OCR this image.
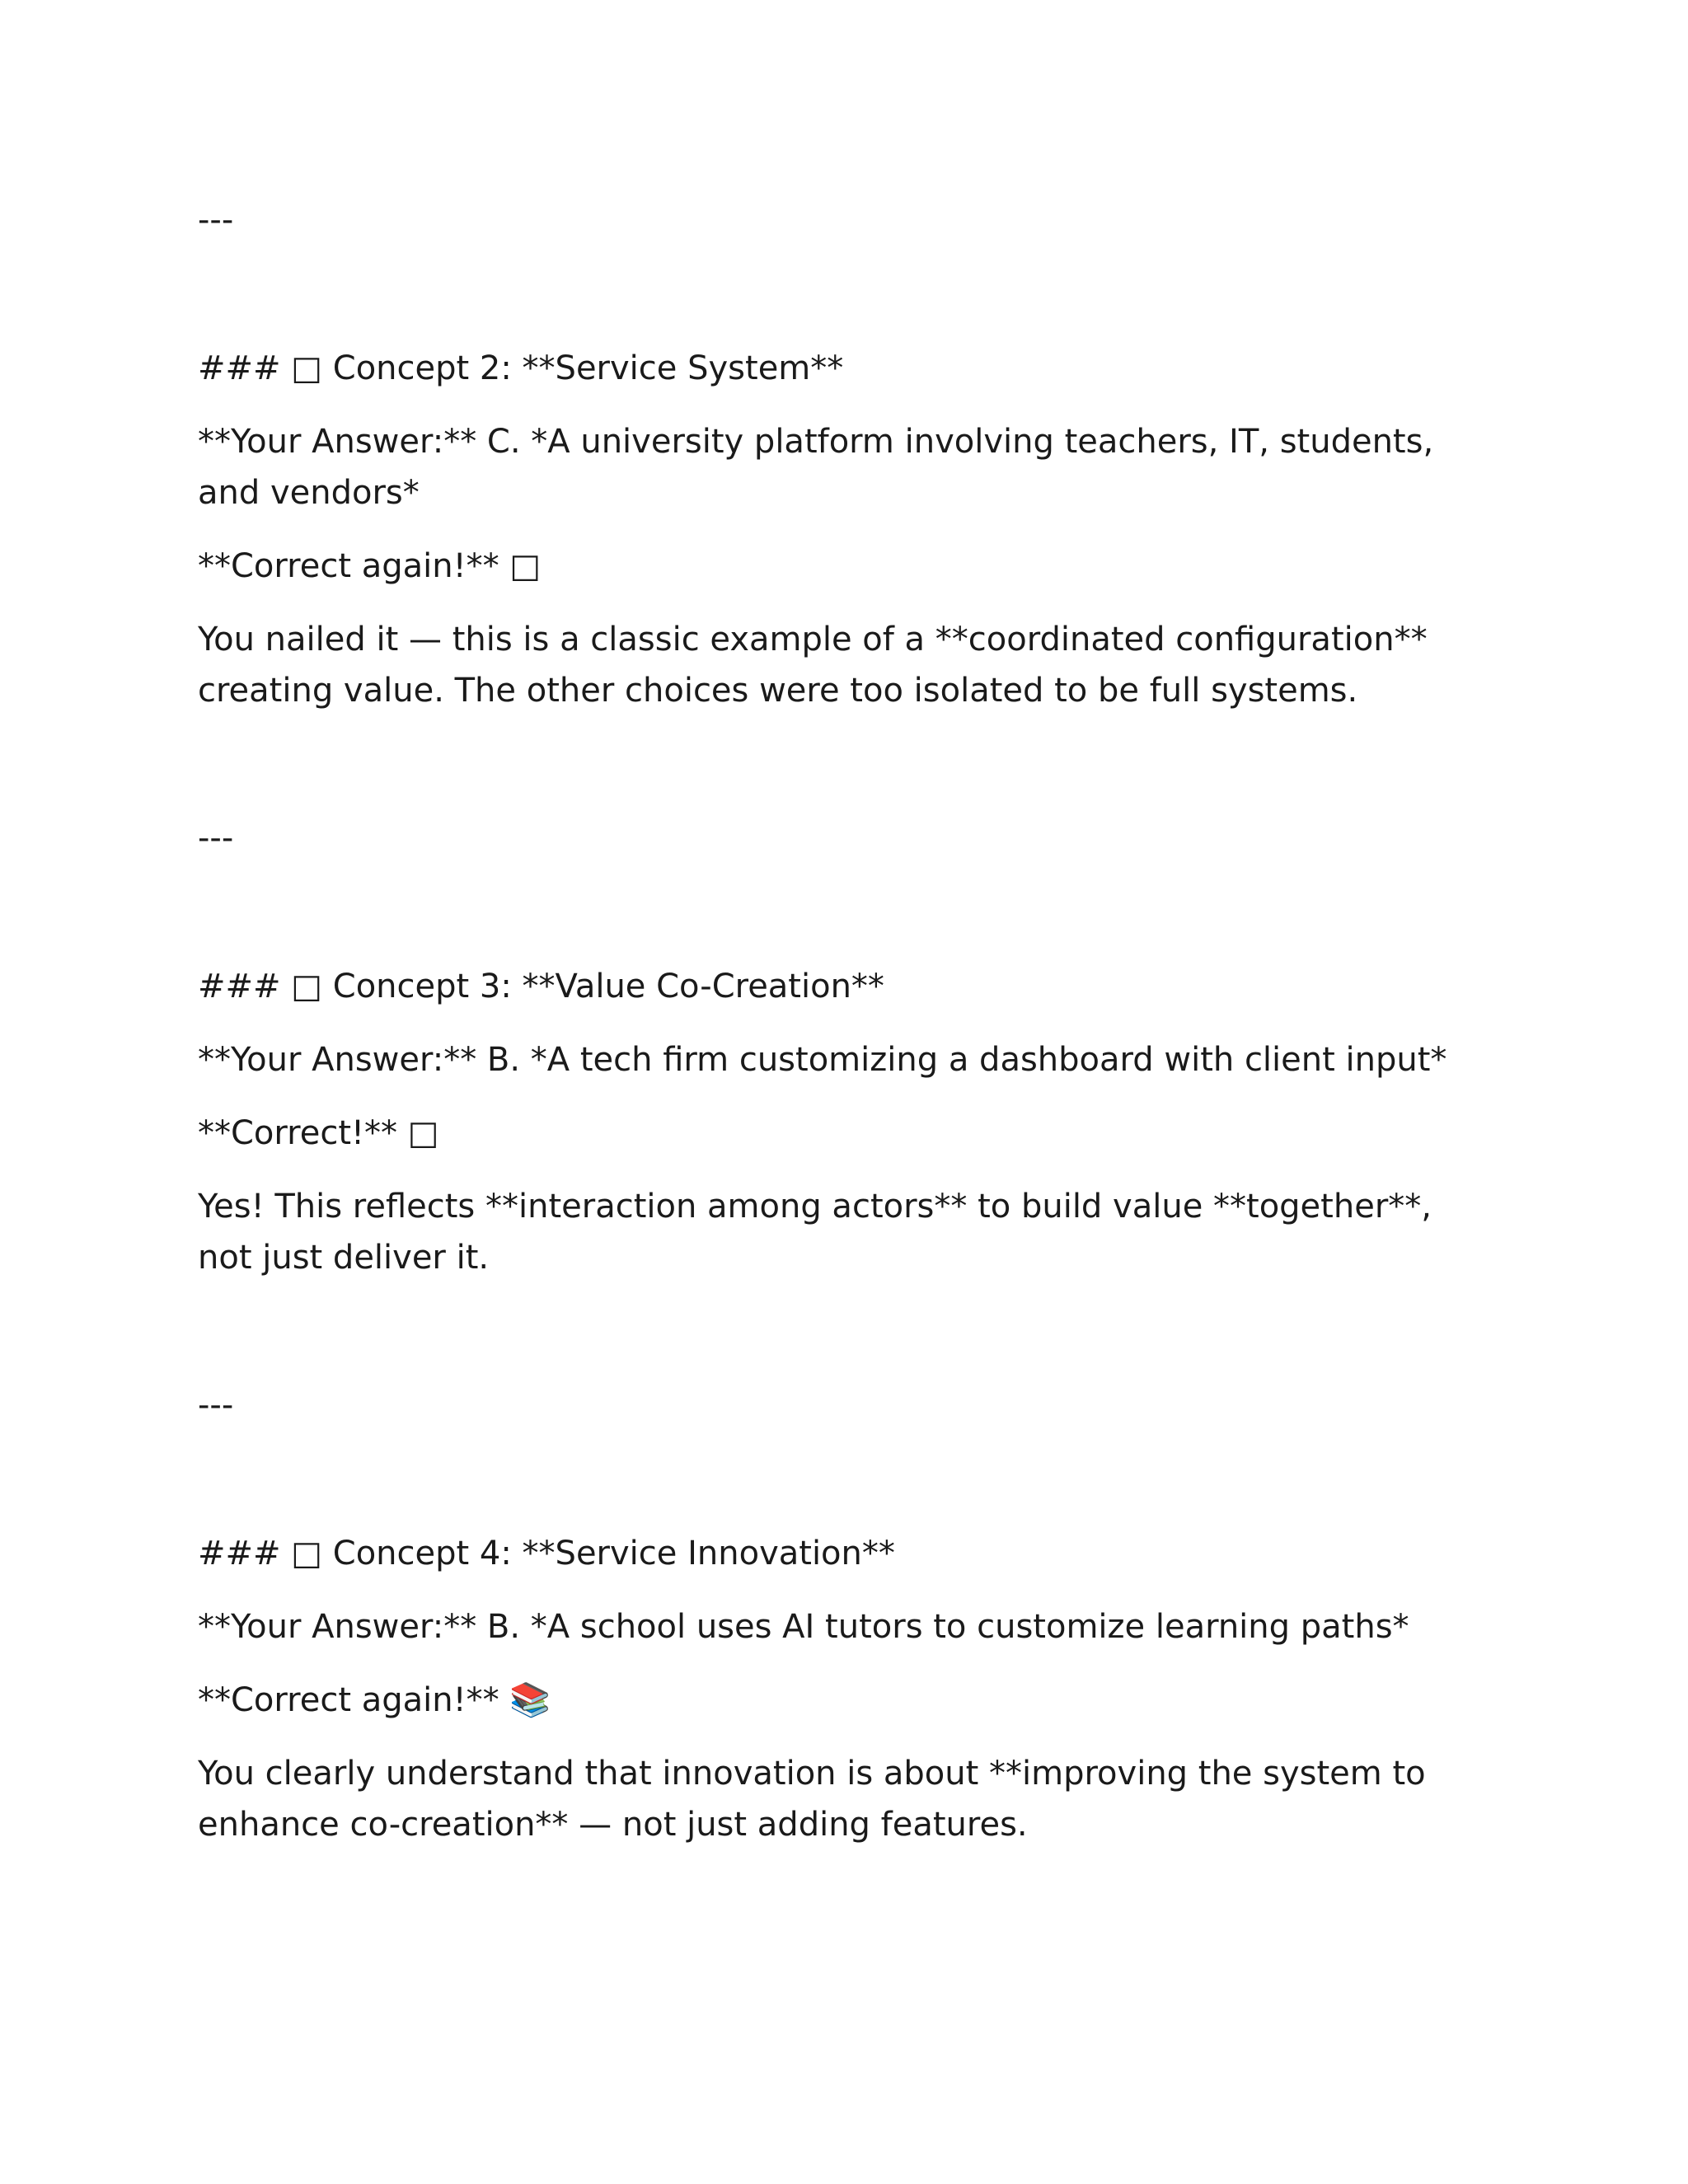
---
### □ Concept 2: **Service System**
**Your Answer:** C. *A university platform involving teachers, IT, students, and vendors*
**Correct again!** □
You nailed it — this is a classic example of a **coordinated configuration** creating value. The other choices were too isolated to be full systems.
---
### □ Concept 3: **Value Co-Creation**
**Your Answer:** B. *A tech firm customizing a dashboard with client input*
**Correct!** □
Yes! This reflects **interaction among actors** to build value **together**, not just deliver it.
---
### □ Concept 4: **Service Innovation**
**Your Answer:** B. *A school uses AI tutors to customize learning paths*
**Correct again!** 📚
You clearly understand that innovation is about **improving the system to enhance co-creation** — not just adding features.
